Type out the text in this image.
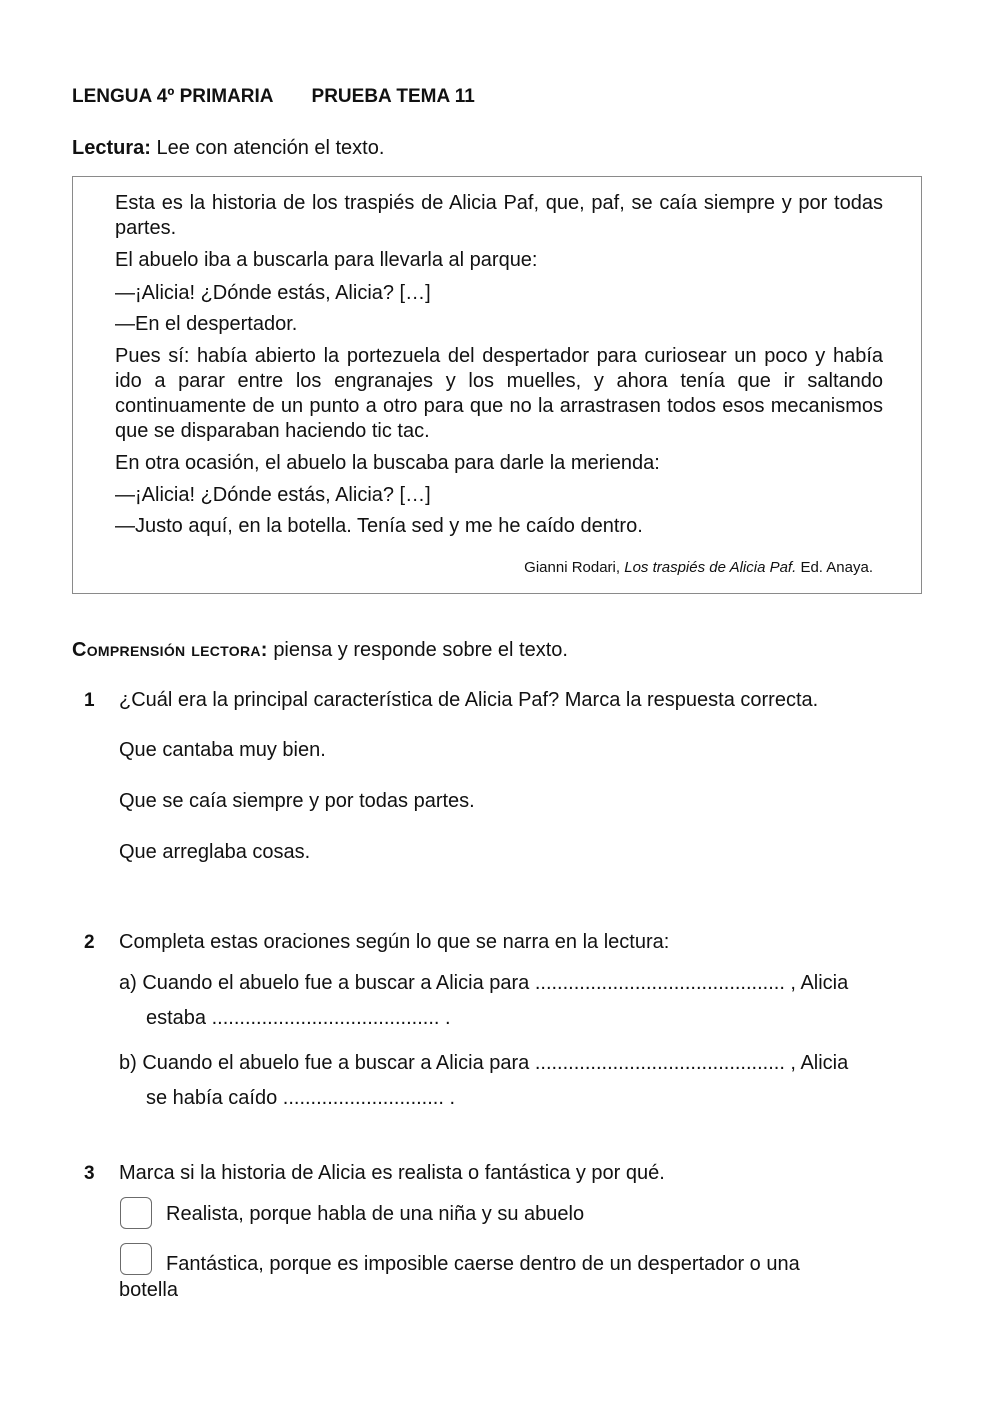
LENGUA 4º PRIMARIA PRUEBA TEMA 11
Lectura: Lee con atención el texto.
Esta es la historia de los traspiés de Alicia Paf, que, paf, se caía siempre y por todas partes.
El abuelo iba a buscarla para llevarla al parque:
—¡Alicia! ¿Dónde estás, Alicia? […]
—En el despertador.
Pues sí: había abierto la portezuela del despertador para curiosear un poco y había ido a parar entre los engranajes y los muelles, y ahora tenía que ir saltando continuamente de un punto a otro para que no la arrastrasen todos esos mecanismos que se disparaban haciendo tic tac.
En otra ocasión, el abuelo la buscaba para darle la merienda:
—¡Alicia! ¿Dónde estás, Alicia? […]
—Justo aquí, en la botella. Tenía sed y me he caído dentro.
Gianni Rodari, Los traspiés de Alicia Paf. Ed. Anaya.
Comprensión lectora: piensa y responde sobre el texto.
1 ¿Cuál era la principal característica de Alicia Paf? Marca la respuesta correcta.
Que cantaba muy bien.
Que se caía siempre y por todas partes.
Que arreglaba cosas.
2 Completa estas oraciones según lo que se narra en la lectura:
a) Cuando el abuelo fue a buscar a Alicia para ............................................. , Alicia
estaba ......................................... .
b) Cuando el abuelo fue a buscar a Alicia para ............................................. , Alicia
se había caído ............................. .
3 Marca si la historia de Alicia es realista o fantástica y por qué.
Realista, porque habla de una niña y su abuelo
Fantástica, porque es imposible caerse dentro de un despertador o una
botella
